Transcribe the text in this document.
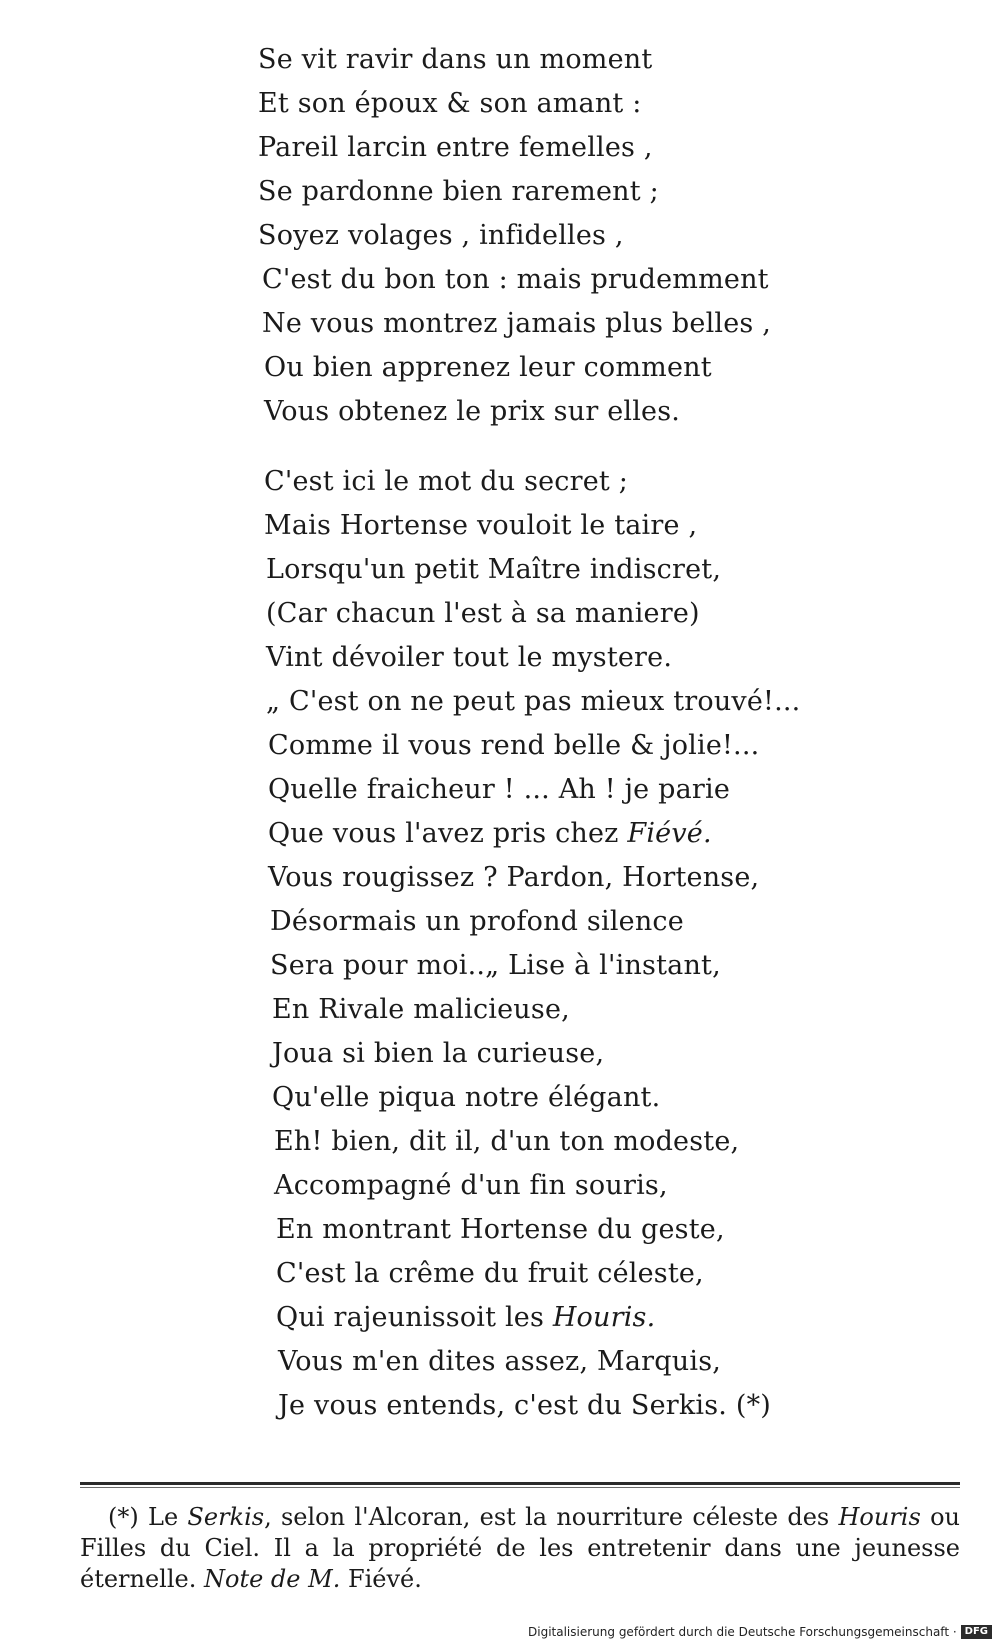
Se vit ravir dans un moment
Et son époux & son amant :
Pareil larcin entre femelles ,
Se pardonne bien rarement ;
Soyez volages , infidelles ,
C'est du bon ton : mais prudemment
Ne vous montrez jamais plus belles ,
Ou bien apprenez leur comment
Vous obtenez le prix sur elles.
C'est ici le mot du secret ;
Mais Hortense vouloit le taire ,
Lorsqu'un petit Maître indiscret,
(Car chacun l'est à sa maniere)
Vint dévoiler tout le mystere.
„ C'est on ne peut pas mieux trouvé!...
Comme il vous rend belle & jolie!...
Quelle fraicheur ! ... Ah ! je parie
Que vous l'avez pris chez Fiévé.
Vous rougissez ? Pardon, Hortense,
Désormais un profond silence
Sera pour moi..„ Lise à l'instant,
En Rivale malicieuse,
Joua si bien la curieuse,
Qu'elle piqua notre élégant.
Eh! bien, dit il, d'un ton modeste,
Accompagné d'un fin souris,
En montrant Hortense du geste,
C'est la crême du fruit céleste,
Qui rajeunissoit les Houris.
Vous m'en dites assez, Marquis,
Je vous entends, c'est du Serkis. (*)
(*) Le Serkis, selon l'Alcoran, est la nourriture céleste des Houris ou Filles du Ciel. Il a la propriété de les entretenir dans une jeunesse éternelle. Note de M. Fiévé.
Digitalisierung gefördert durch die Deutsche Forschungsgemeinschaft · DFG
